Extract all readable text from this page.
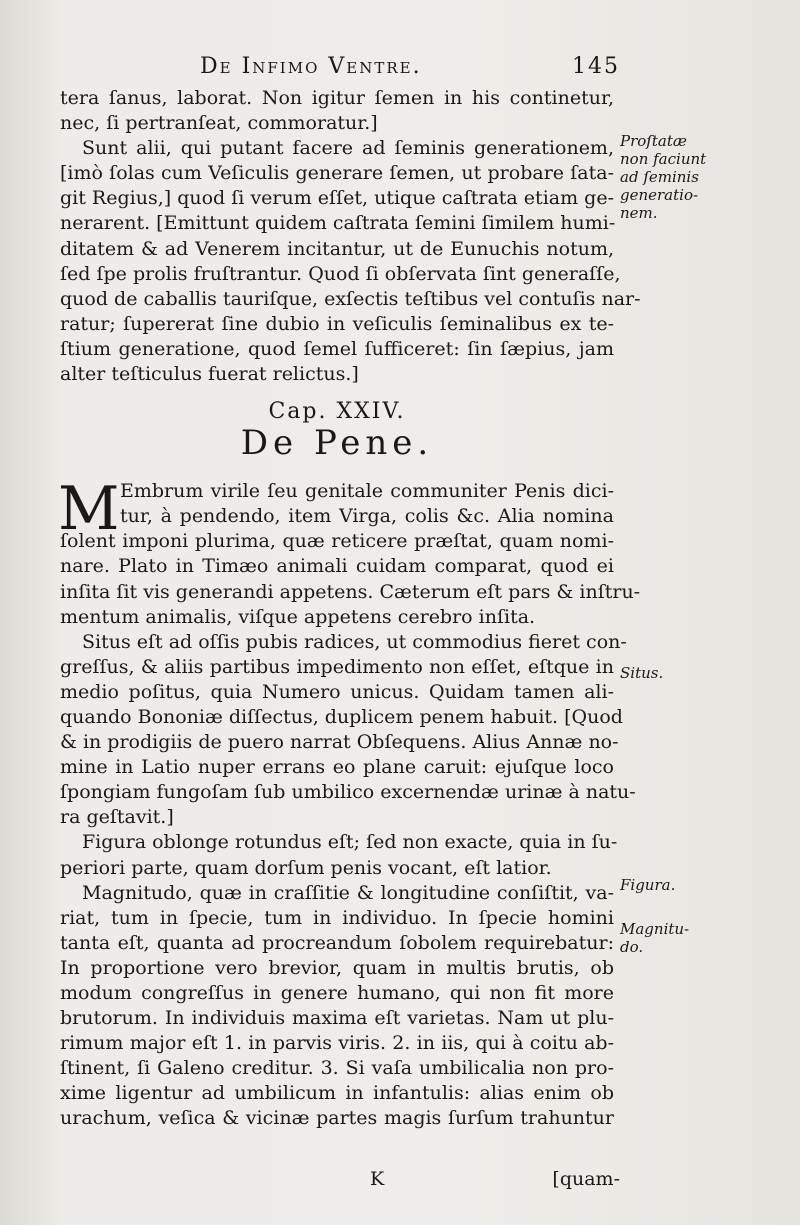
De Infimo Ventre.	145
tera ſanus, laborat. Non igitur ſemen in his continetur,
nec, ſi pertranſeat, commoratur.]
Sunt alii, qui putant facere ad ſeminis generationem,
[imò ſolas cum Veſiculis generare ſemen, ut probare ſata-
git Regius,] quod ſi verum eſſet, utique caſtrata etiam ge-
nerarent. [Emittunt quidem caſtrata ſemini ſimilem humi-
ditatem & ad Venerem incitantur, ut de Eunuchis notum,
ſed ſpe prolis fruſtrantur. Quod ſi obſervata ſint generaſſe,
quod de caballis tauriſque, exſectis teſtibus vel contuſis nar-
ratur; ſupererat ſine dubio in veſiculis ſeminalibus ex te-
ſtium generatione, quod ſemel ſufficeret: ſin ſæpius, jam
alter teſticulus fuerat relictus.]
Cap. XXIV.
De Pene.
M Embrum virile ſeu genitale communiter Penis dici-
tur, à pendendo, item Virga, colis &c. Alia nomina
ſolent imponi plurima, quæ reticere præſtat, quam nomi-
nare. Plato in Timæo animali cuidam comparat, quod ei
inſita ſit vis generandi appetens. Cæterum eſt pars & inſtru-
mentum animalis, viſque appetens cerebro inſita.
Situs eſt ad oſſis pubis radices, ut commodius fieret con-
greſſus, & aliis partibus impedimento non eſſet, eſtque in
medio poſitus, quia Numero unicus. Quidam tamen ali-
quando Bononiæ diſſectus, duplicem penem habuit. [Quod
& in prodigiis de puero narrat Obſequens. Alius Annæ no-
mine in Latio nuper errans eo plane caruit: ejuſque loco
ſpongiam fungoſam ſub umbilico excernendæ urinæ à natu-
ra geſtavit.]
Figura oblonge rotundus eſt; ſed non exacte, quia in ſu-
periori parte, quam dorſum penis vocant, eſt latior.
Magnitudo, quæ in craſſitie & longitudine conſiſtit, va-
riat, tum in ſpecie, tum in individuo. In ſpecie homini
tanta eſt, quanta ad procreandum ſobolem requirebatur:
In proportione vero brevior, quam in multis brutis, ob
modum congreſſus in genere humano, qui non fit more
brutorum. In individuis maxima eſt varietas. Nam ut plu-
rimum major eſt 1. in parvis viris. 2. in iis, qui à coitu ab-
ſtinent, ſi Galeno creditur. 3. Si vaſa umbilicalia non pro-
xime ligentur ad umbilicum in infantulis: alias enim ob
urachum, veſica & vicinæ partes magis ſurſum trahuntur
Proſtatæ non faciunt ad ſeminis generatio-nem.
Situs.
Figura.
Magnitu-do.
K	[quam-
